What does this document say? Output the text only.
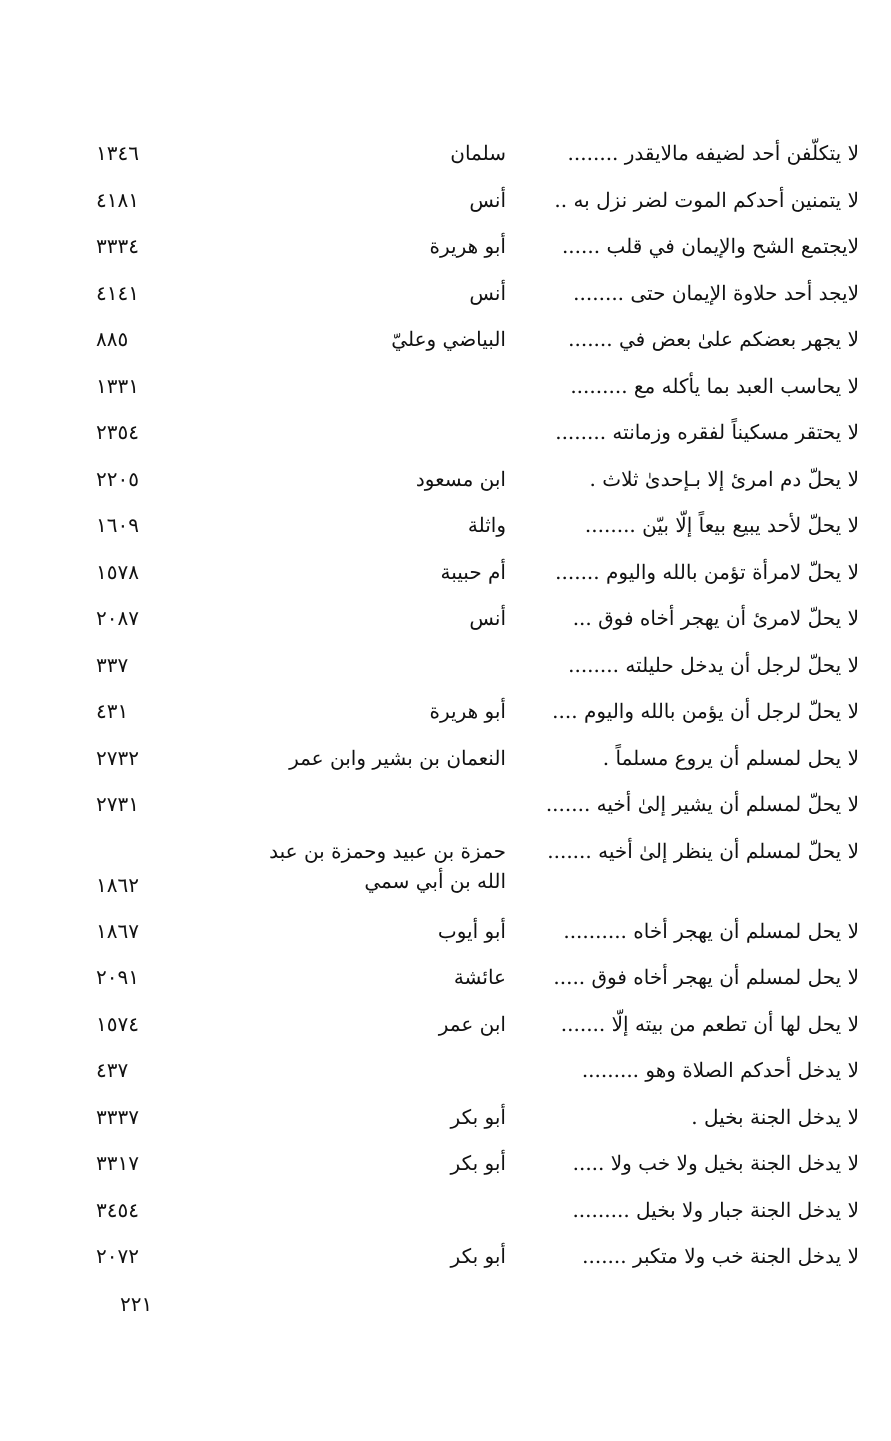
لا يتكلّفن أحد لضيفه مالايقدر ........
سلمان
١٣٤٦
لا يتمنين أحدكم الموت لضر نزل به ..
أنس
٤١٨١
لايجتمع الشح والإيمان في قلب ......
أبو هريرة
٣٣٣٤
لايجد أحد حلاوة الإيمان حتى ........
أنس
٤١٤١
لا يجهر بعضكم علىٰ بعض في .......
البياضي وعليّ
٨٨٥
لا يحاسب العبد بما يأكله مع .........
١٣٣١
لا يحتقر مسكيناً لفقره وزمانته ........
٢٣٥٤
لا يحلّ دم امرئ إلا بـإحدىٰ ثلاث .
ابن مسعود
٢٢٠٥
لا يحلّ لأحد يبيع بيعاً إلّا بيّن ........
واثلة
١٦٠٩
لا يحلّ لامرأة تؤمن بالله واليوم .......
أم حبيبة
١٥٧٨
لا يحلّ لامرئ أن يهجر أخاه فوق ...
أنس
٢٠٨٧
لا يحلّ لرجل أن يدخل حليلته ........
٣٣٧
لا يحلّ لرجل أن يؤمن بالله واليوم ....
أبو هريرة
٤٣١
لا يحل لمسلم أن يروع مسلماً .
النعمان بن بشير وابن عمر
٢٧٣٢
لا يحلّ لمسلم أن يشير إلىٰ أخيه .......
٢٧٣١
لا يحلّ لمسلم أن ينظر إلىٰ أخيه .......
حمزة بن عبيد وحمزة بن عبد الله بن أبي سمي
١٨٦٢
لا يحل لمسلم أن يهجر أخاه ..........
أبو أيوب
١٨٦٧
لا يحل لمسلم أن يهجر أخاه فوق .....
عائشة
٢٠٩١
لا يحل لها أن تطعم من بيته إلّا .......
ابن عمر
١٥٧٤
لا يدخل أحدكم الصلاة وهو .........
٤٣٧
لا يدخل الجنة بخيل .
أبو بكر
٣٣٣٧
لا يدخل الجنة بخيل ولا خب ولا .....
أبو بكر
٣٣١٧
لا يدخل الجنة جبار ولا بخيل .........
٣٤٥٤
لا يدخل الجنة خب ولا متكبر .......
أبو بكر
٢٠٧٢
٢٢١
